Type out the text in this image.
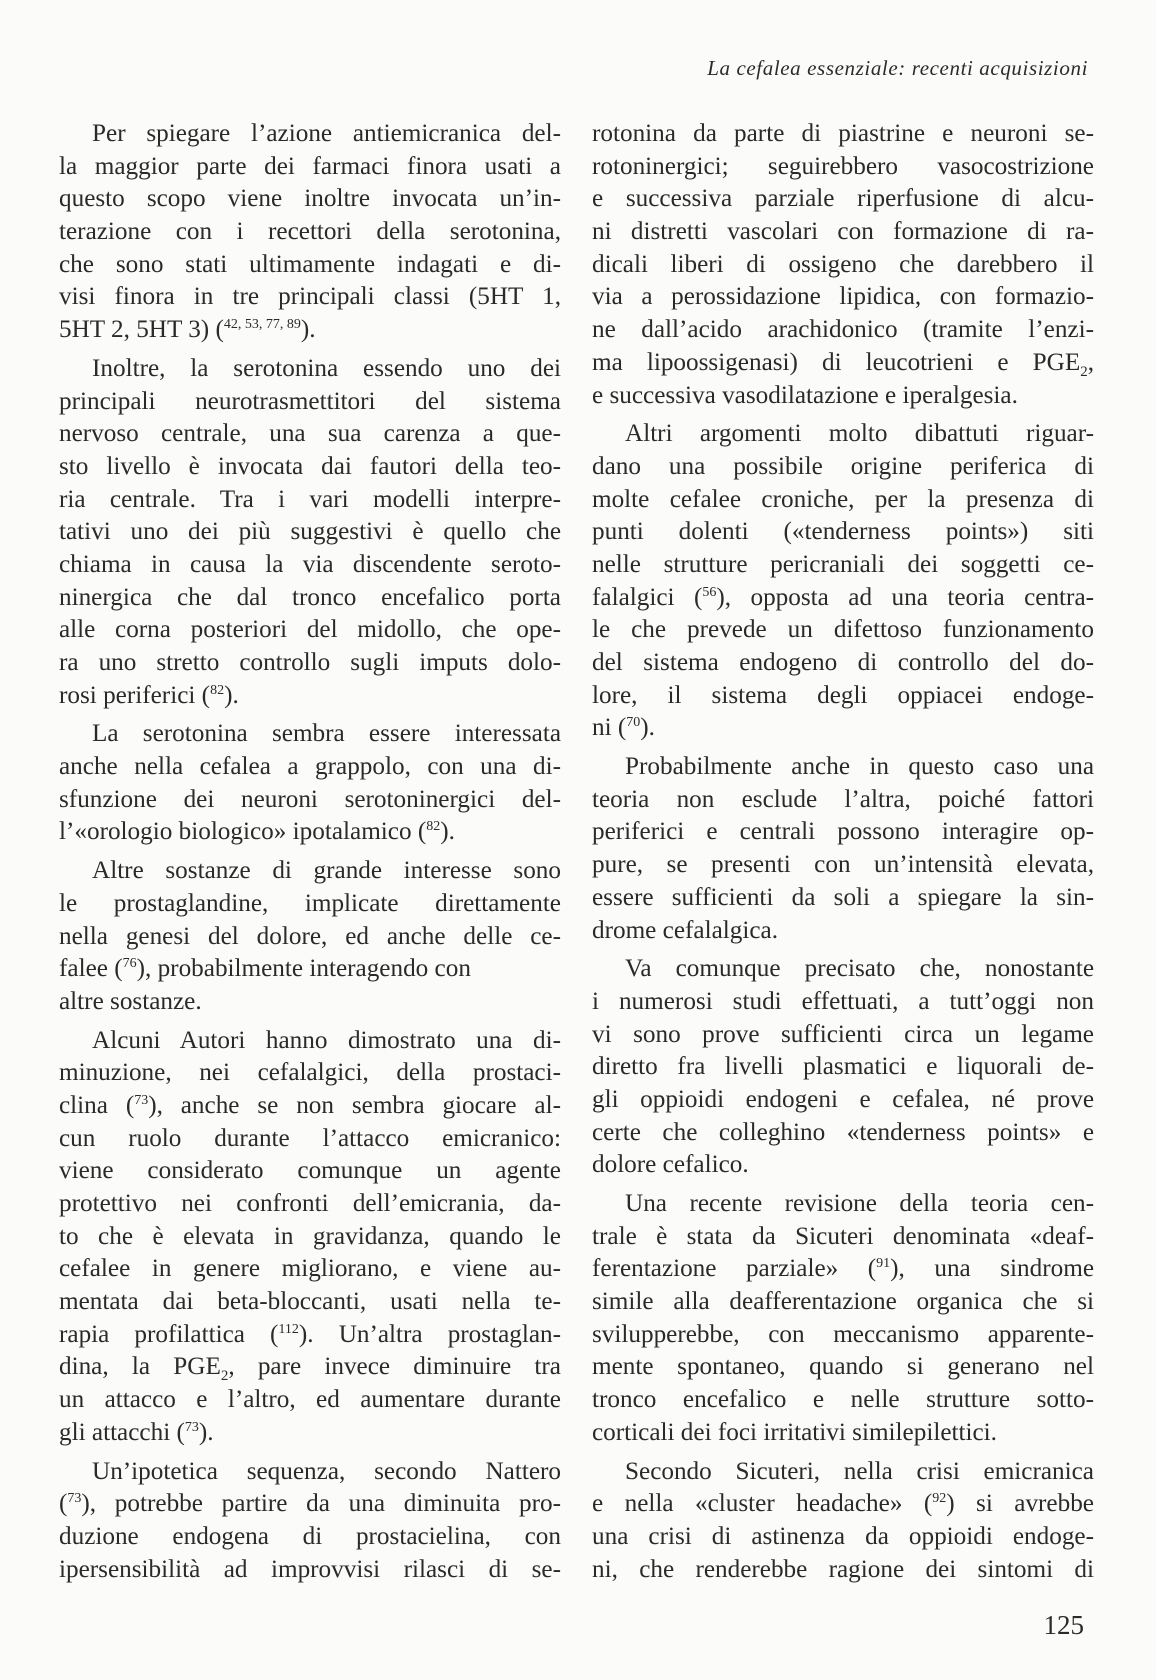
La cefalea essenziale: recenti acquisizioni
Per spiegare l’azione antiemicranica del-
la maggior parte dei farmaci finora usati a
questo scopo viene inoltre invocata un’in-
terazione con i recettori della serotonina,
che sono stati ultimamente indagati e di-
visi finora in tre principali classi (5HT 1,
5HT 2, 5HT 3) ($^{42, 53, 77, 89}$).
Inoltre, la serotonina essendo uno dei
principali neurotrasmettitori del sistema
nervoso centrale, una sua carenza a que-
sto livello è invocata dai fautori della teo-
ria centrale. Tra i vari modelli interpre-
tativi uno dei più suggestivi è quello che
chiama in causa la via discendente seroto-
ninergica che dal tronco encefalico porta
alle corna posteriori del midollo, che ope-
ra uno stretto controllo sugli imputs dolo-
rosi periferici ($^{82}$).
La serotonina sembra essere interessata
anche nella cefalea a grappolo, con una di-
sfunzione dei neuroni serotoninergici del-
l’«orologio biologico» ipotalamico ($^{82}$).
Altre sostanze di grande interesse sono
le prostaglandine, implicate direttamente
nella genesi del dolore, ed anche delle ce-
falee ($^{76}$), probabilmente interagendo con
altre sostanze.
Alcuni Autori hanno dimostrato una di-
minuzione, nei cefalalgici, della prostaci-
clina ($^{73}$), anche se non sembra giocare al-
cun ruolo durante l’attacco emicranico:
viene considerato comunque un agente
protettivo nei confronti dell’emicrania, da-
to che è elevata in gravidanza, quando le
cefalee in genere migliorano, e viene au-
mentata dai beta-bloccanti, usati nella te-
rapia profilattica ($^{112}$). Un’altra prostaglan-
dina, la $PGE_2$, pare invece diminuire tra
un attacco e l’altro, ed aumentare durante
gli attacchi ($^{73}$).
Un’ipotetica sequenza, secondo Nattero
($^{73}$), potrebbe partire da una diminuita pro-
duzione endogena di prostacielina, con
ipersensibilità ad improvvisi rilasci di se-
rotonina da parte di piastrine e neuroni se-
rotoninergici; seguirebbero vasocostrizione
e successiva parziale riperfusione di alcu-
ni distretti vascolari con formazione di ra-
dicali liberi di ossigeno che darebbero il
via a perossidazione lipidica, con formazio-
ne dall’acido arachidonico (tramite l’enzi-
ma lipoossigenasi) di leucotrieni e $PGE_2$,
e successiva vasodilatazione e iperalgesia.
Altri argomenti molto dibattuti riguar-
dano una possibile origine periferica di
molte cefalee croniche, per la presenza di
punti dolenti («tenderness points») siti
nelle strutture pericraniali dei soggetti ce-
falalgici ($^{56}$), opposta ad una teoria centra-
le che prevede un difettoso funzionamento
del sistema endogeno di controllo del do-
lore, il sistema degli oppiacei endoge-
ni ($^{70}$).
Probabilmente anche in questo caso una
teoria non esclude l’altra, poiché fattori
periferici e centrali possono interagire op-
pure, se presenti con un’intensità elevata,
essere sufficienti da soli a spiegare la sin-
drome cefalalgica.
Va comunque precisato che, nonostante
i numerosi studi effettuati, a tutt’oggi non
vi sono prove sufficienti circa un legame
diretto fra livelli plasmatici e liquorali de-
gli oppioidi endogeni e cefalea, né prove
certe che colleghino «tenderness points» e
dolore cefalico.
Una recente revisione della teoria cen-
trale è stata da Sicuteri denominata «deaf-
ferentazione parziale» ($^{91}$), una sindrome
simile alla deafferentazione organica che si
svilupperebbe, con meccanismo apparente-
mente spontaneo, quando si generano nel
tronco encefalico e nelle strutture sotto-
corticali dei foci irritativi similepilettici.
Secondo Sicuteri, nella crisi emicranica
e nella «cluster headache» ($^{92}$) si avrebbe
una crisi di astinenza da oppioidi endoge-
ni, che renderebbe ragione dei sintomi di
125
